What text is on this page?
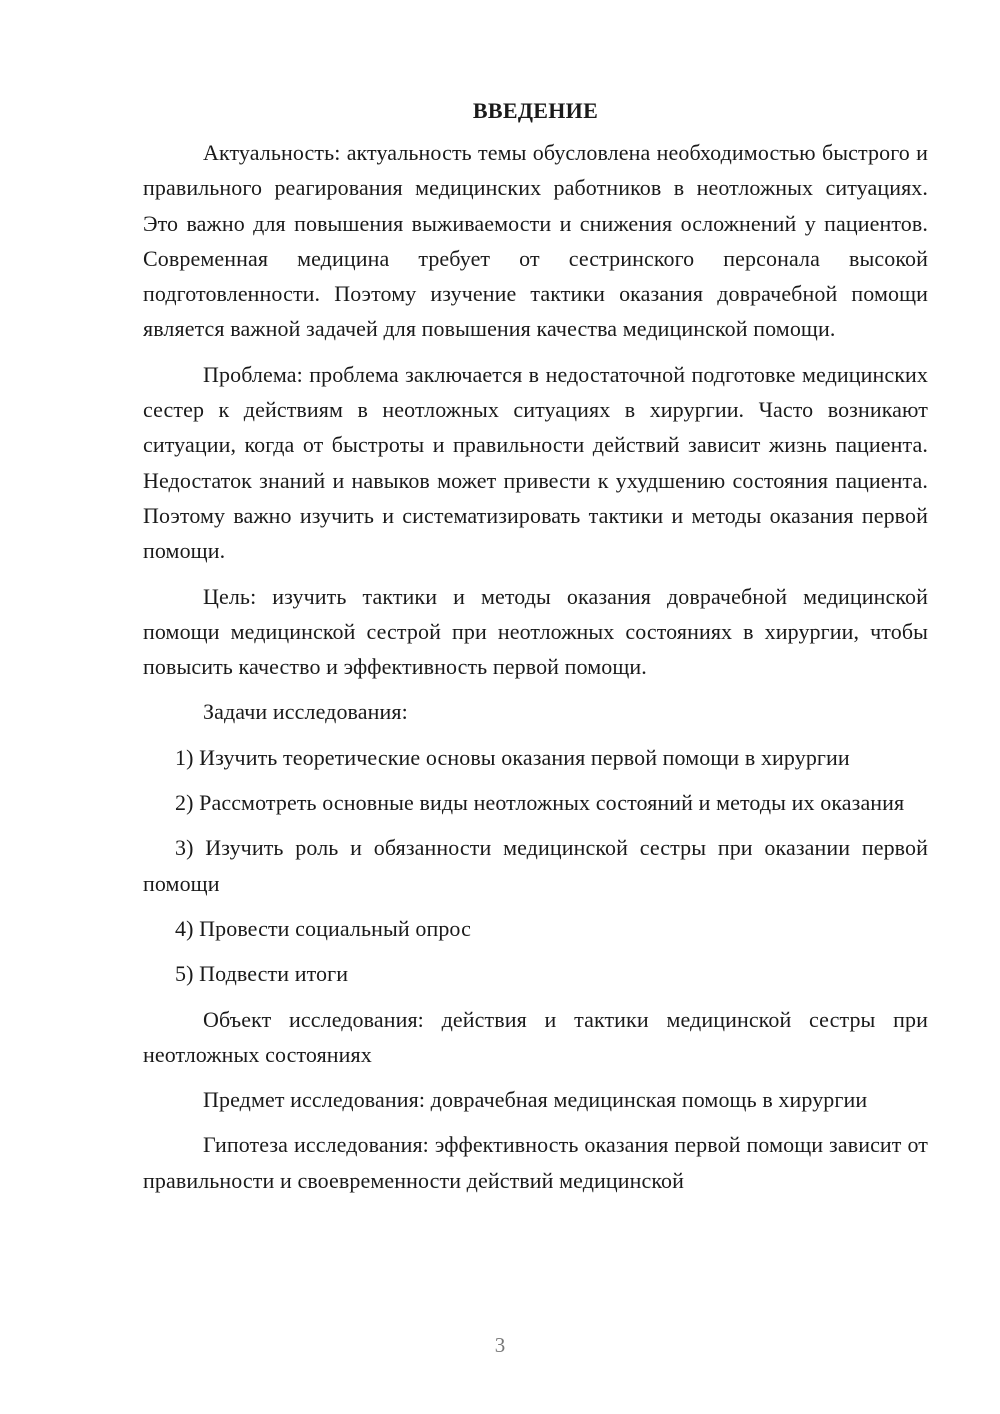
ВВЕДЕНИЕ

Актуальность: актуальность темы обусловлена необходимостью быстрого и правильного реагирования медицинских работников в неотложных ситуациях. Это важно для повышения выживаемости и снижения осложнений у пациентов. Современная медицина требует от сестринского персонала высокой подготовленности. Поэтому изучение тактики оказания доврачебной помощи является важной задачей для повышения качества медицинской помощи.

Проблема: проблема заключается в недостаточной подготовке медицинских сестер к действиям в неотложных ситуациях в хирургии. Часто возникают ситуации, когда от быстроты и правильности действий зависит жизнь пациента. Недостаток знаний и навыков может привести к ухудшению состояния пациента. Поэтому важно изучить и систематизировать тактики и методы оказания первой помощи.

Цель: изучить тактики и методы оказания доврачебной медицинской помощи медицинской сестрой при неотложных состояниях в хирургии, чтобы повысить качество и эффективность первой помощи.

Задачи исследования:

1) Изучить теоретические основы оказания первой помощи в хирургии

2) Рассмотреть основные виды неотложных состояний и методы их оказания

3) Изучить роль и обязанности медицинской сестры при оказании первой помощи

4) Провести социальный опрос

5) Подвести итоги

Объект исследования: действия и тактики медицинской сестры при неотложных состояниях

Предмет исследования: доврачебная медицинская помощь в хирургии

Гипотеза исследования: эффективность оказания первой помощи зависит от правильности и своевременности действий медицинской

3
